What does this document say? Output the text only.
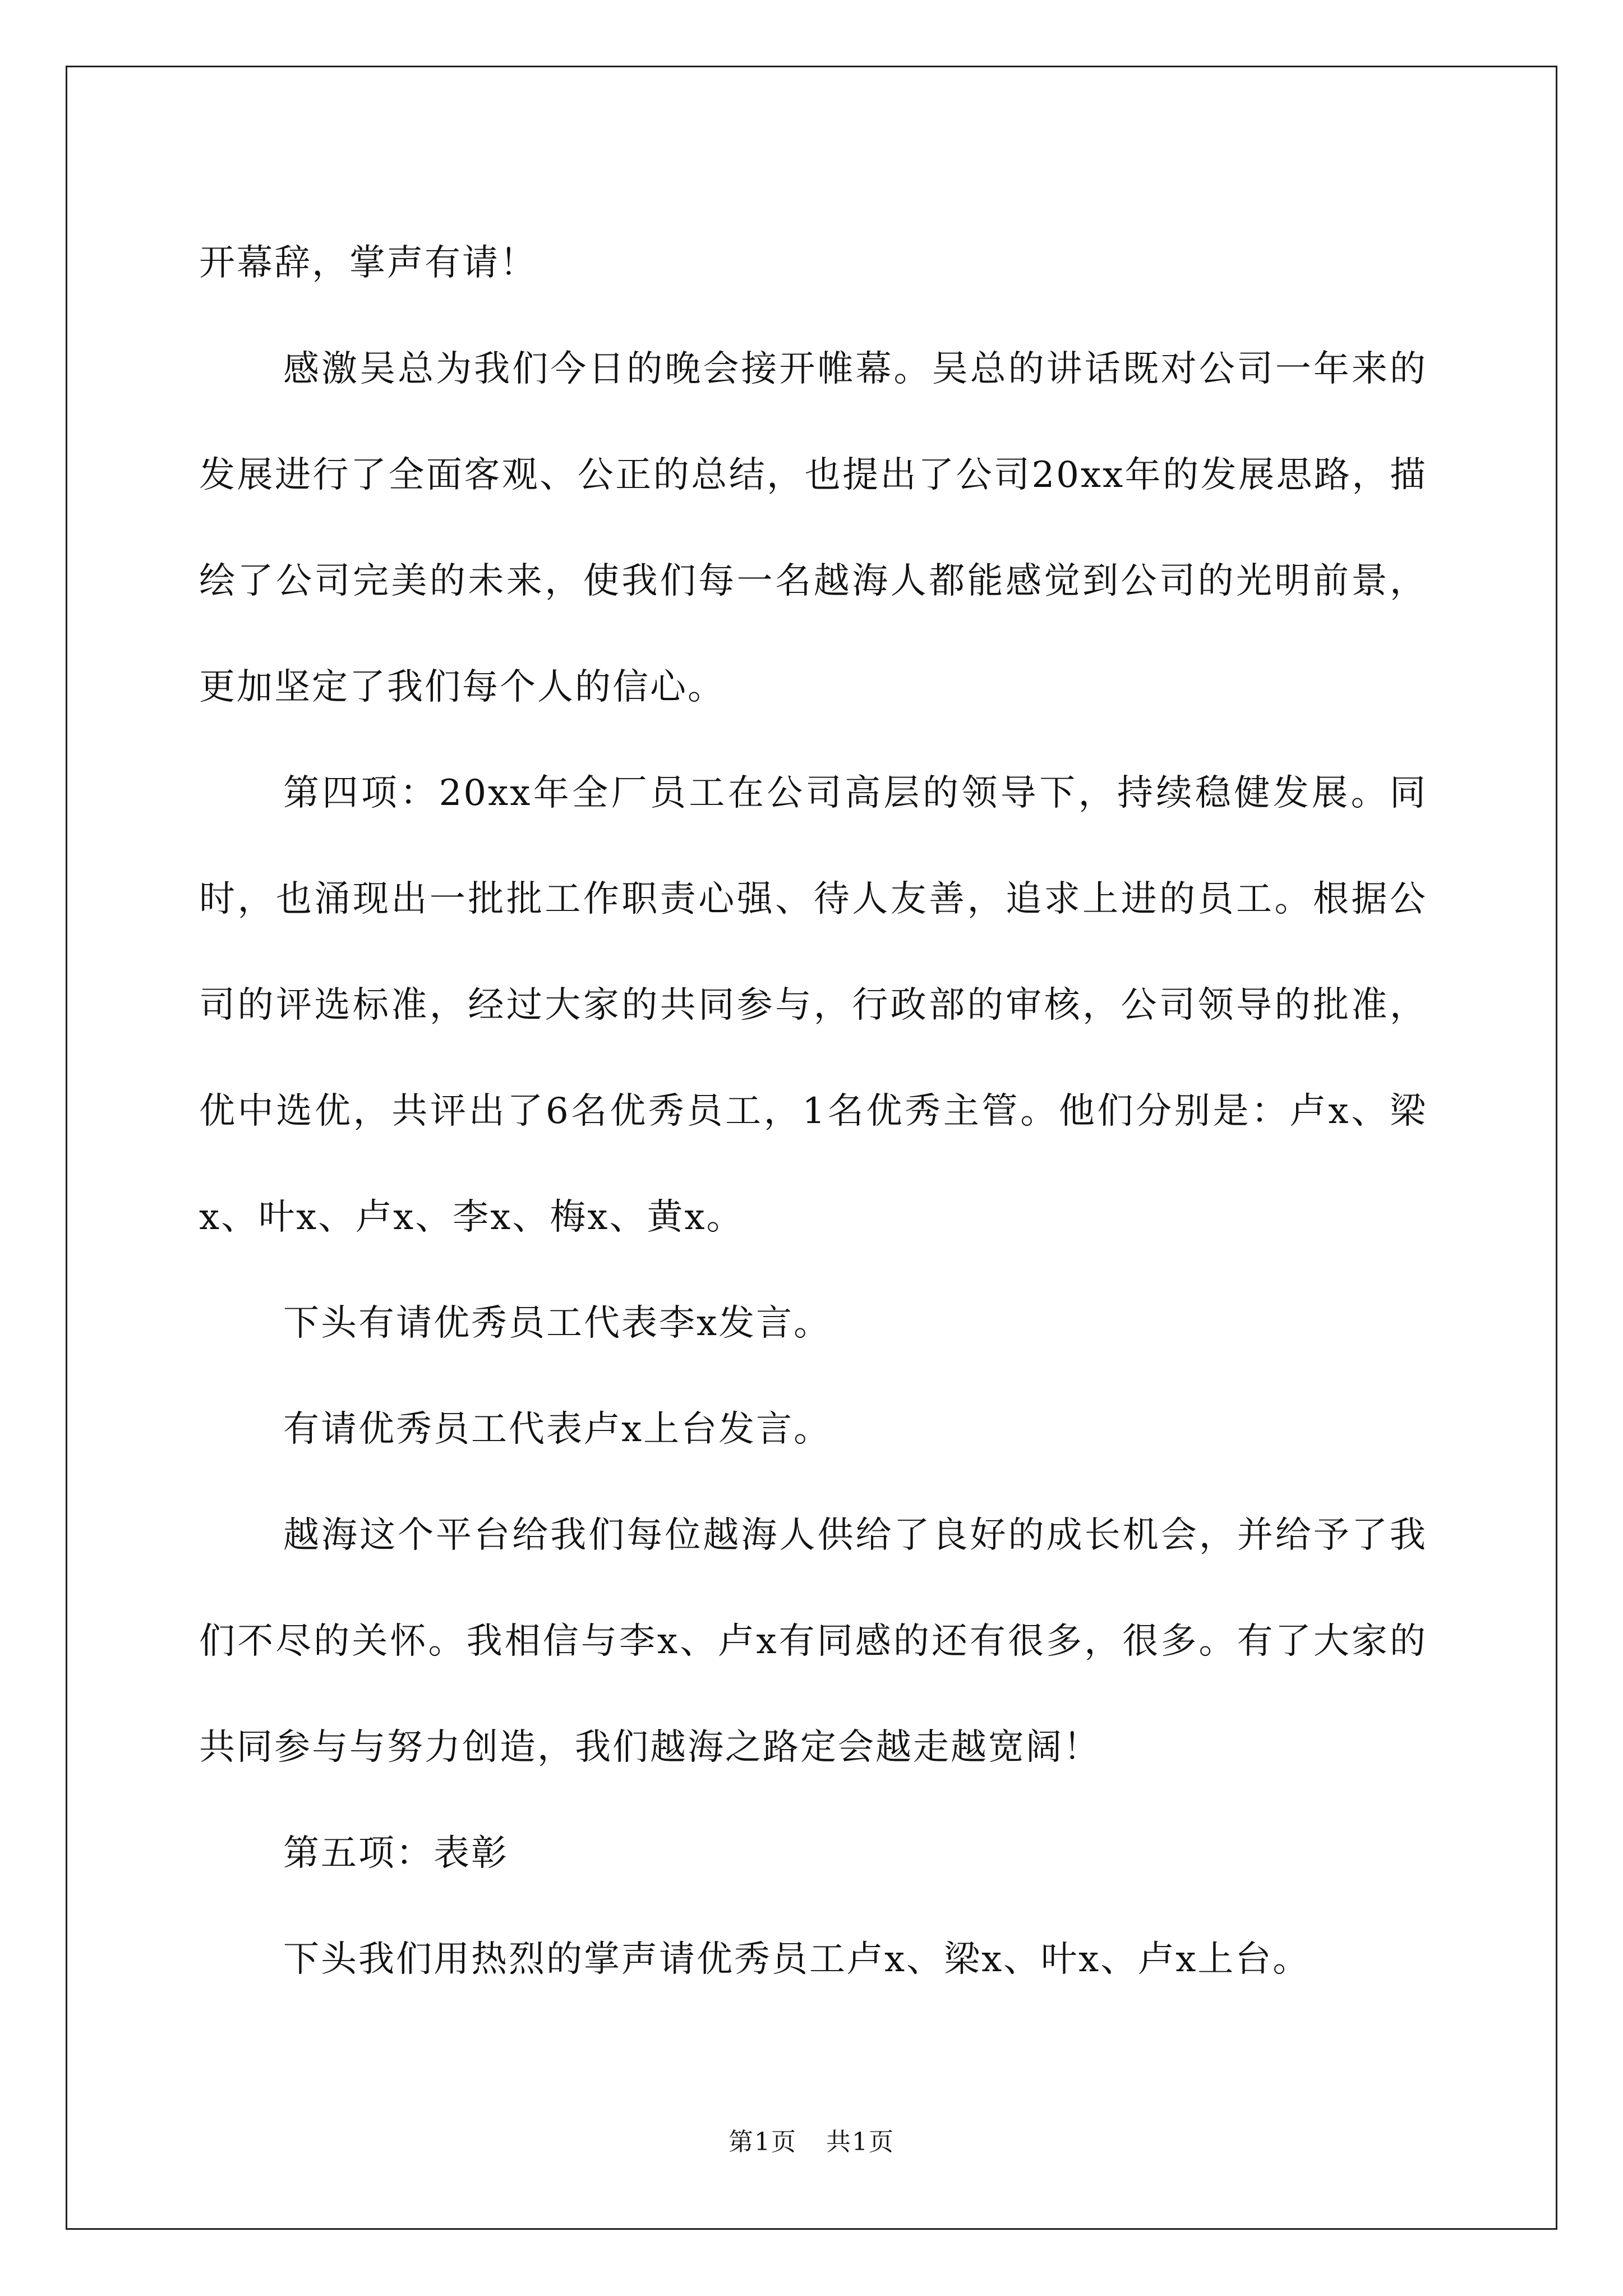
开幕辞，掌声有请！

感激吴总为我们今日的晚会接开帷幕。吴总的讲话既对公司一年来的发展进行了全面客观、公正的总结，也提出了公司20xx年的发展思路，描绘了公司完美的未来，使我们每一名越海人都能感觉到公司的光明前景，更加坚定了我们每个人的信心。

第四项：20xx年全厂员工在公司高层的领导下，持续稳健发展。同时，也涌现出一批批工作职责心强、待人友善，追求上进的员工。根据公司的评选标准，经过大家的共同参与，行政部的审核，公司领导的批准，优中选优，共评出了6名优秀员工，1名优秀主管。他们分别是：卢x、梁x、叶x、卢x、李x、梅x、黄x。

下头有请优秀员工代表李x发言。

有请优秀员工代表卢x上台发言。

越海这个平台给我们每位越海人供给了良好的成长机会，并给予了我们不尽的关怀。我相信与李x、卢x有同感的还有很多，很多。有了大家的共同参与与努力创造，我们越海之路定会越走越宽阔！

第五项：表彰

下头我们用热烈的掌声请优秀员工卢x、梁x、叶x、卢x上台。

第1页 共1页
